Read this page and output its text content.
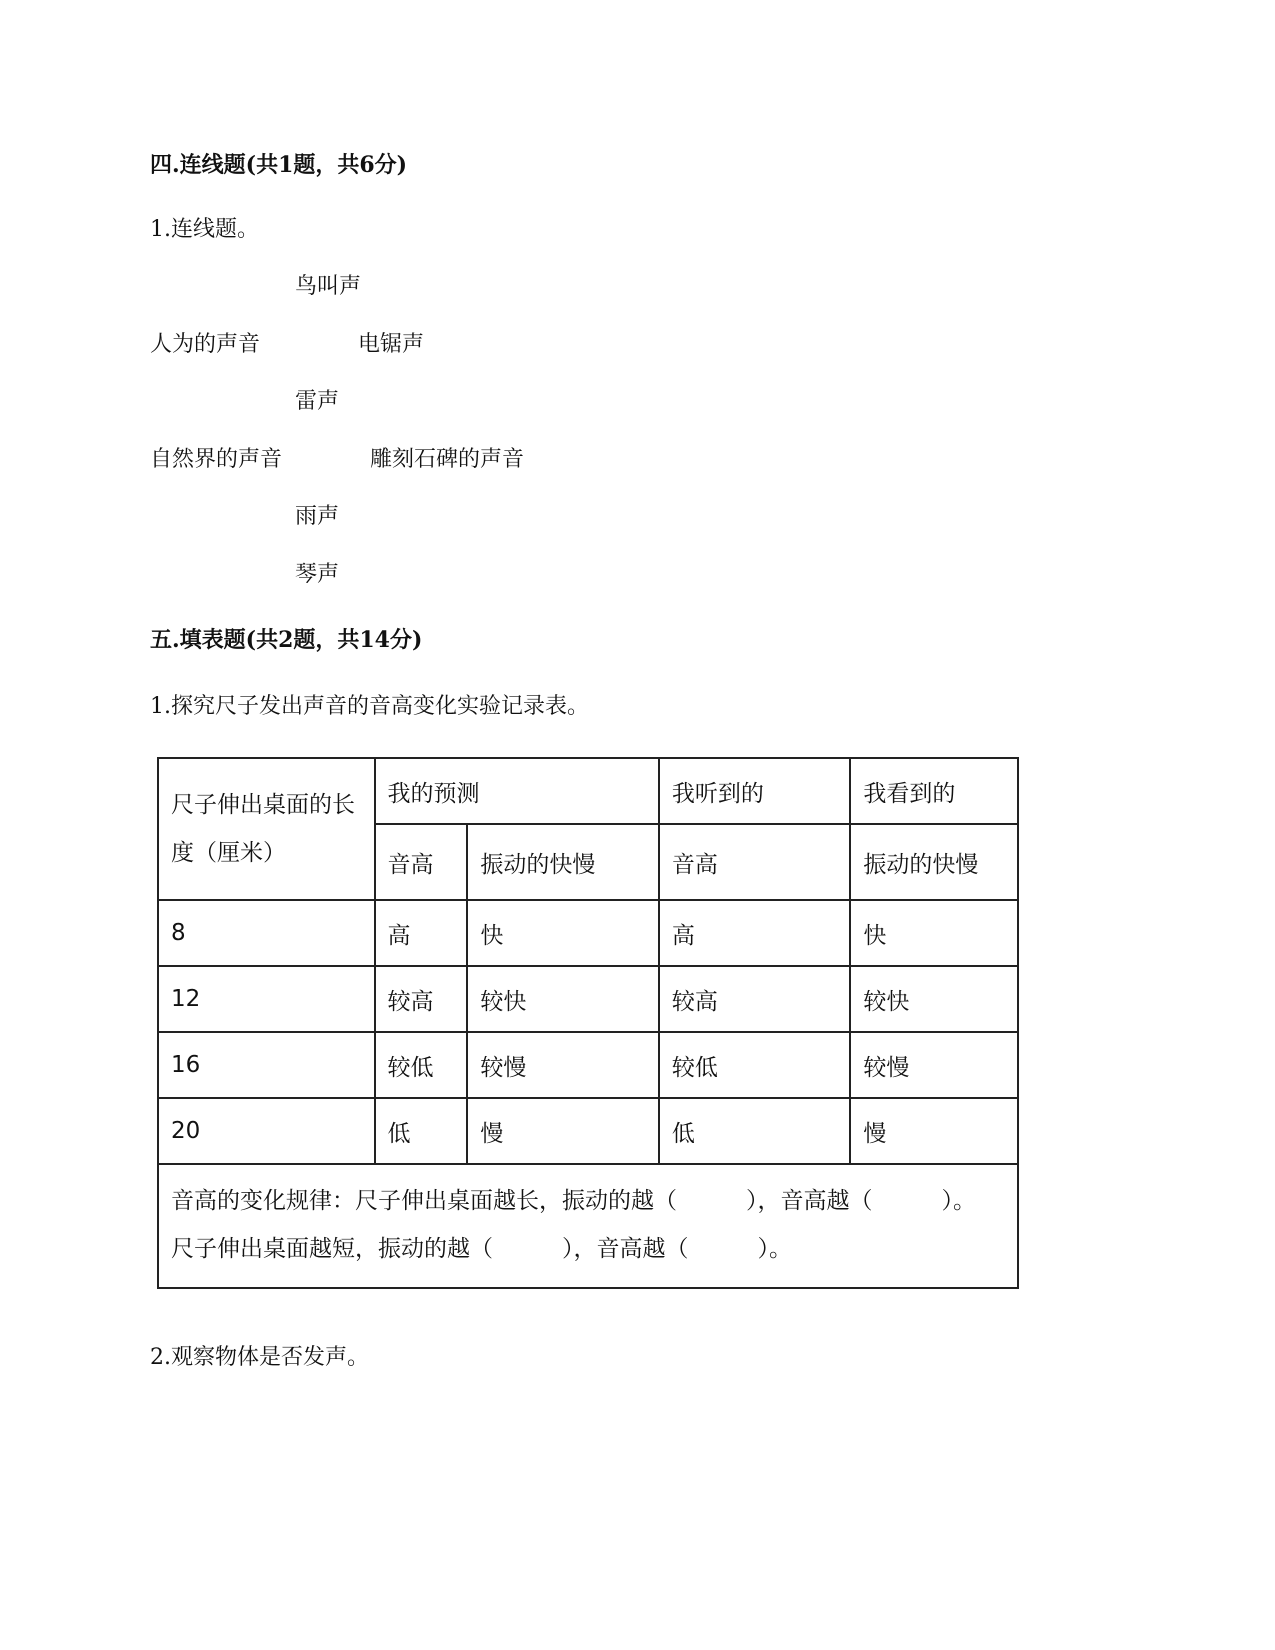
四.连线题(共1题，共6分)
1.连线题。
鸟叫声
人为的声音	电锯声
雷声
自然界的声音	雕刻石碑的声音
雨声
琴声
五.填表题(共2题，共14分)
1.探究尺子发出声音的音高变化实验记录表。
尺子伸出桌面的长度（厘米）	我的预测		我听到的	我看到的
	音高	振动的快慢	音高	振动的快慢
8	高	快	高	快
12	较高	较快	较高	较快
16	较低	较慢	较低	较慢
20	低	慢	低	慢

音高的变化规律：尺子伸出桌面越长，振动的越（　　　），音高越（　　　）。
尺子伸出桌面越短，振动的越（　　　），音高越（　　　）。				
2.观察物体是否发声。
